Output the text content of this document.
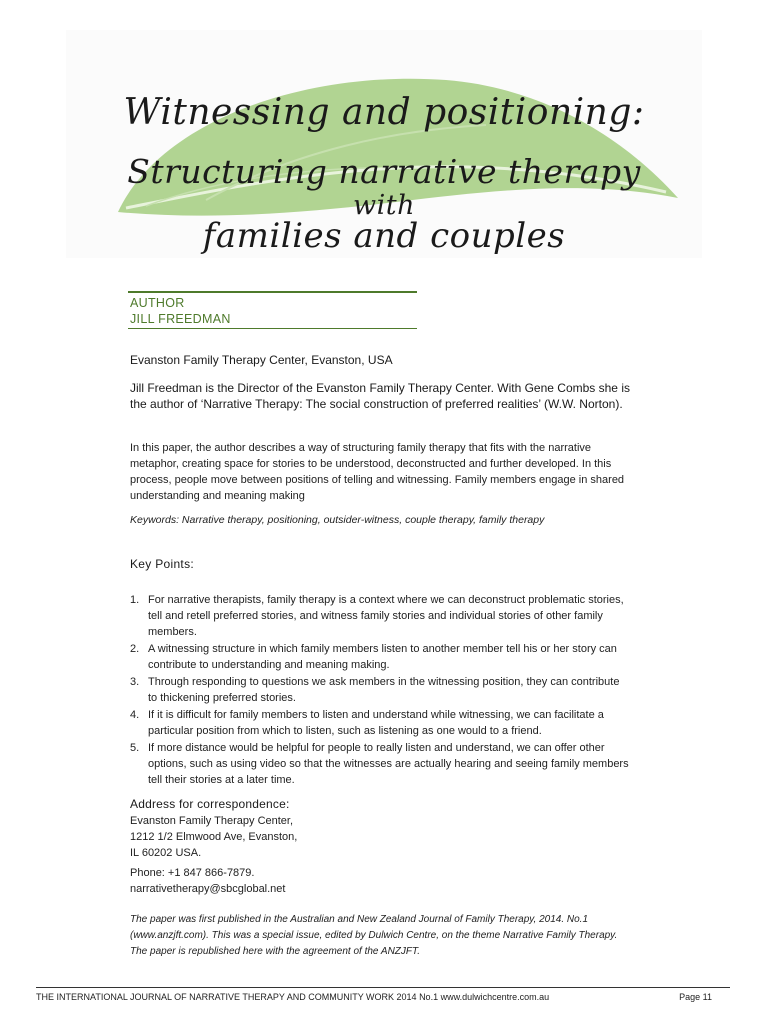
Witnessing and positioning:
Structuring narrative therapy
with
families and couples
AUTHOR
JILL FREEDMAN
Evanston Family Therapy Center, Evanston, USA
Jill Freedman is the Director of the Evanston Family Therapy Center. With Gene Combs she is the author of ‘Narrative Therapy: The social construction of preferred realities’ (W.W. Norton).
In this paper, the author describes a way of structuring family therapy that fits with the narrative metaphor, creating space for stories to be understood, deconstructed and further developed. In this process, people move between positions of telling and witnessing. Family members engage in shared understanding and meaning making
Keywords: Narrative therapy, positioning, outsider-witness, couple therapy, family therapy
Key Points:
1. For narrative therapists, family therapy is a context where we can deconstruct problematic stories, tell and retell preferred stories, and witness family stories and individual stories of other family members.
2. A witnessing structure in which family members listen to another member tell his or her story can contribute to understanding and meaning making.
3. Through responding to questions we ask members in the witnessing position, they can contribute to thickening preferred stories.
4. If it is difficult for family members to listen and understand while witnessing, we can facilitate a particular position from which to listen, such as listening as one would to a friend.
5. If more distance would be helpful for people to really listen and understand, we can offer other options, such as using video so that the witnesses are actually hearing and seeing family members tell their stories at a later time.
Address for correspondence:
Evanston Family Therapy Center,
1212 1/2 Elmwood Ave, Evanston,
IL 60202 USA.
Phone: +1 847 866-7879.
narrativetherapy@sbcglobal.net
The paper was first published in the Australian and New Zealand Journal of Family Therapy, 2014. No.1 (www.anzjft.com). This was a special issue, edited by Dulwich Centre, on the theme Narrative Family Therapy. The paper is republished here with the agreement of the ANZJFT.
THE INTERNATIONAL JOURNAL OF NARRATIVE THERAPY AND COMMUNITY WORK 2014 No.1 www.dulwichcentre.com.au	Page 11
